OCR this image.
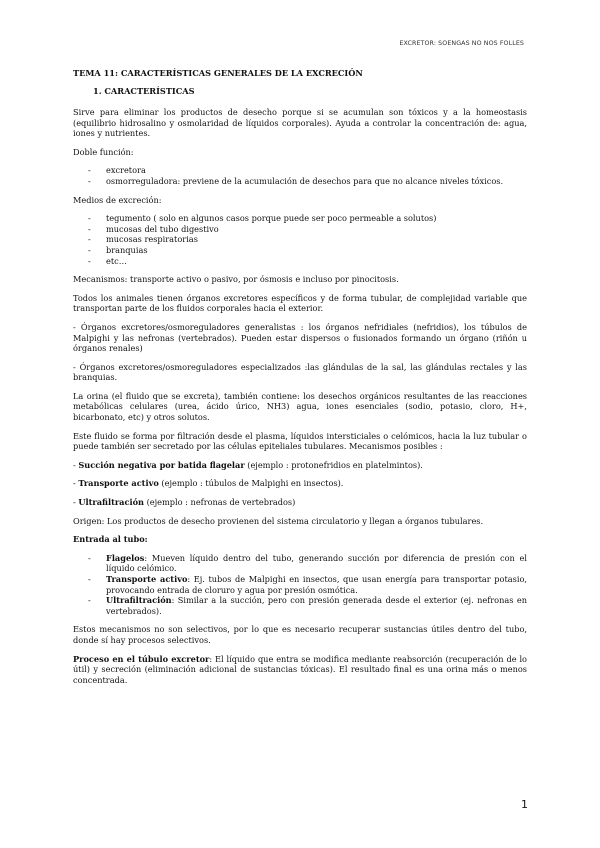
EXCRETOR: SOENGAS NO NOS FOLLES
TEMA 11: CARACTERÍSTICAS GENERALES DE LA EXCRECIÓN
1. CARACTERÍSTICAS

Sirve para eliminar los productos de desecho porque si se acumulan son tóxicos y a la homeostasis (equilibrio hidrosalino y osmolaridad de líquidos corporales). Ayuda a controlar la concentración de: agua, iones y nutrientes.

Doble función:

- excretora
- osmorreguladora: previene de la acumulación de desechos para que no alcance niveles tóxicos.

Medios de excreción:

- tegumento ( solo en algunos casos porque puede ser poco permeable a solutos)
- mucosas del tubo digestivo
- mucosas respiratorias
- branquias
- etc…

Mecanismos: transporte activo o pasivo, por ósmosis e incluso por pinocitosis.

Todos los animales tienen órganos excretores específicos y de forma tubular, de complejidad variable que transportan parte de los fluidos corporales hacia el exterior.

- Órganos excretores/osmoreguladores generalistas : los órganos nefridiales (nefridios), los túbulos de Malpighi y las nefronas (vertebrados). Pueden estar dispersos o fusionados formando un órgano (riñón u órganos renales)

- Órganos excretores/osmoreguladores especializados :las glándulas de la sal, las glándulas rectales y las branquias.

La orina (el fluido que se excreta), también contiene: los desechos orgánicos resultantes de las reacciones metabólicas celulares (urea, ácido úrico, NH3) agua, iones esenciales (sodio, potasio, cloro, H+, bicarbonato, etc) y otros solutos.

Este fluido se forma por filtración desde el plasma, líquidos intersticiales o celómicos, hacia la luz tubular o puede también ser secretado por las células epiteliales tubulares. Mecanismos posibles :

- Succión negativa por batida flagelar (ejemplo : protonefridios en platelmintos).

- Transporte activo (ejemplo : túbulos de Malpighi en insectos).

- Ultrafiltración (ejemplo : nefronas de vertebrados)

Origen: Los productos de desecho provienen del sistema circulatorio y llegan a órganos tubulares.

Entrada al tubo:

- Flagelos: Mueven líquido dentro del tubo, generando succión por diferencia de presión con el líquido celómico.
- Transporte activo: Ej. tubos de Malpighi en insectos, que usan energía para transportar potasio, provocando entrada de cloruro y agua por presión osmótica.
- Ultrafiltración: Similar a la succión, pero con presión generada desde el exterior (ej. nefronas en vertebrados).

Estos mecanismos no son selectivos, por lo que es necesario recuperar sustancias útiles dentro del tubo, donde sí hay procesos selectivos.

Proceso en el túbulo excretor: El líquido que entra se modifica mediante reabsorción (recuperación de lo útil) y secreción (eliminación adicional de sustancias tóxicas). El resultado final es una orina más o menos concentrada.

1
